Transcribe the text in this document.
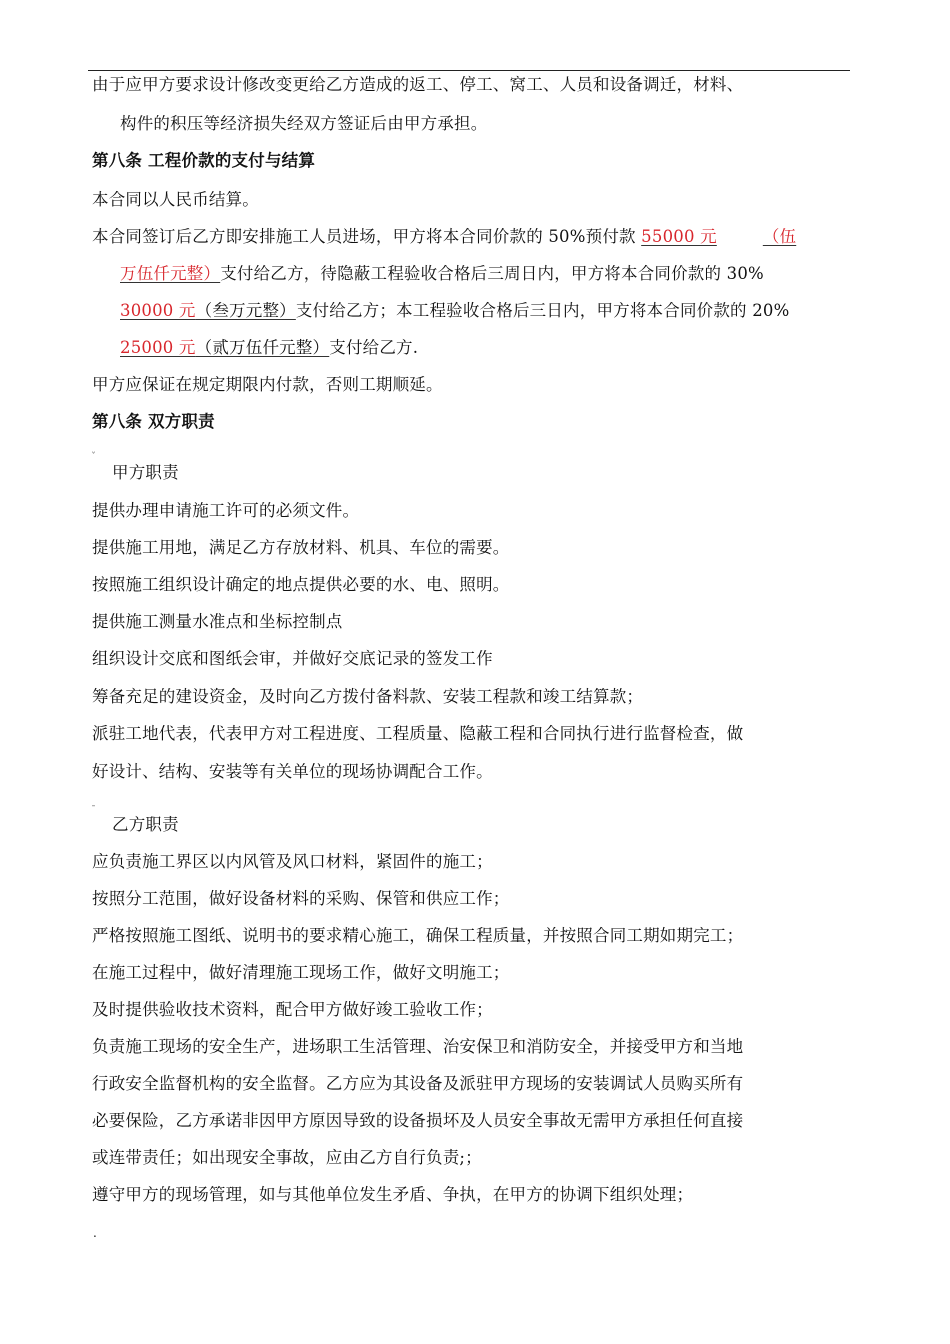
由于应甲方要求设计修改变更给乙方造成的返工、停工、窝工、人员和设备调迁，材料、
构件的积压等经济损失经双方签证后由甲方承担。
第八条 工程价款的支付与结算
本合同以人民币结算。
本合同签订后乙方即安排施工人员进场，甲方将本合同价款的 50%预付款 55000 元	（伍
万伍仟元整）支付给乙方，待隐蔽工程验收合格后三周日内，甲方将本合同价款的 30%
30000 元（叁万元整）支付给乙方；本工程验收合格后三日内，甲方将本合同价款的 20%
25000 元（贰万伍仟元整）支付给乙方.
甲方应保证在规定期限内付款，否则工期顺延。
第八条 双方职责
ˇ
甲方职责
提供办理申请施工许可的必须文件。
提供施工用地，满足乙方存放材料、机具、车位的需要。
按照施工组织设计确定的地点提供必要的水、电、照明。
提供施工测量水准点和坐标控制点
组织设计交底和图纸会审，并做好交底记录的签发工作
筹备充足的建设资金，及时向乙方拨付备料款、安装工程款和竣工结算款；
派驻工地代表，代表甲方对工程进度、工程质量、隐蔽工程和合同执行进行监督检查，做
好设计、结构、安装等有关单位的现场协调配合工作。
ˉ
乙方职责
应负责施工界区以内风管及风口材料，紧固件的施工；
按照分工范围，做好设备材料的采购、保管和供应工作；
严格按照施工图纸、说明书的要求精心施工，确保工程质量，并按照合同工期如期完工；
在施工过程中，做好清理施工现场工作，做好文明施工；
及时提供验收技术资料，配合甲方做好竣工验收工作；
负责施工现场的安全生产，进场职工生活管理、治安保卫和消防安全，并接受甲方和当地
行政安全监督机构的安全监督。乙方应为其设备及派驻甲方现场的安装调试人员购买所有
必要保险，乙方承诺非因甲方原因导致的设备损坏及人员安全事故无需甲方承担任何直接
或连带责任；如出现安全事故，应由乙方自行负责;；
遵守甲方的现场管理，如与其他单位发生矛盾、争执，在甲方的协调下组织处理；
.
